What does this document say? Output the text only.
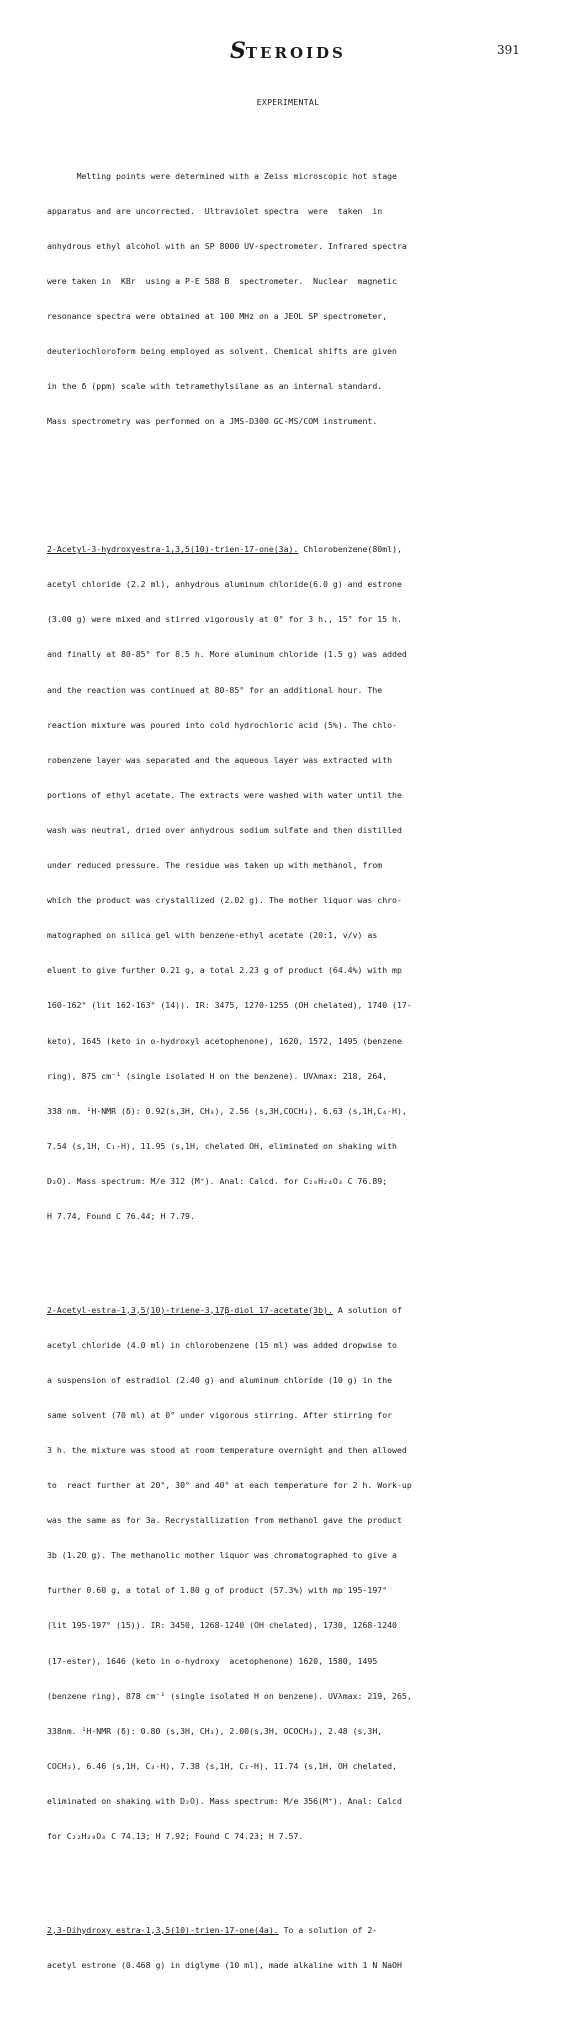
STEROIDS	391
EXPERIMENTAL

Melting points were determined with a Zeiss microscopic hot stage

apparatus and are uncorrected.  Ultraviolet spectra  were  taken  in

anhydrous ethyl alcohol with an SP 8000 UV-spectrometer. Infrared spectra

were taken in  KBr  using a P-E 588 B  spectrometer.  Nuclear  magnetic

resonance spectra were obtained at 100 MHz on a JEOL SP spectrometer,

deuteriochloroform being employed as solvent. Chemical shifts are given

in the δ (ppm) scale with tetramethylsilane as an internal standard.

Mass spectrometry was performed on a JMS-D300 GC-MS/COM instrument.

2-Acetyl-3-hydroxyestra-1,3,5(10)-trien-17-one(3a). Chlorobenzene(80ml),

acetyl chloride (2.2 ml), anhydrous aluminum chloride(6.0 g) and estrone

(3.00 g) were mixed and stirred vigorously at 0° for 3 h., 15° for 15 h.

and finally at 80-85° for 8.5 h. More aluminum chloride (1.5 g) was added

and the reaction was continued at 80-85° for an additional hour. The

reaction mixture was poured into cold hydrochloric acid (5%). The chlo-

robenzene layer was separated and the aqueous layer was extracted with

portions of ethyl acetate. The extracts were washed with water until the

wash was neutral, dried over anhydrous sodium sulfate and then distilled

under reduced pressure. The residue was taken up with methanol, from

which the product was crystallized (2.02 g). The mother liquor was chro-

matographed on silica gel with benzene-ethyl acetate (20:1, v/v) as

eluent to give further 0.21 g, a total 2.23 g of product (64.4%) with mp

160-162° (lit 162-163° (14)). IR: 3475, 1270-1255 (OH chelated), 1740 (17-

keto), 1645 (keto in o-hydroxyl acetophenone), 1620, 1572, 1495 (benzene

ring), 875 cm⁻¹ (single isolated H on the benzene). UVλmax: 218, 264,

338 nm. ¹H-NMR (δ): 0.92(s,3H, CH₃), 2.56 (s,3H,COCH₃), 6.63 (s,1H,C₄-H),

7.54 (s,1H, C₁-H), 11.95 (s,1H, chelated OH, eliminated on shaking with

D₂O). Mass spectrum: M/e 312 (M⁺). Anal: Calcd. for C₂₀H₂₄O₃ C 76.89;

H 7.74, Found C 76.44; H 7.79.

2-Acetyl-estra-1,3,5(10)-triene-3,17β-diol 17-acetate(3b). A solution of

acetyl chloride (4.0 ml) in chlorobenzene (15 ml) was added dropwise to

a suspension of estradiol (2.40 g) and aluminum chloride (10 g) in the

same solvent (70 ml) at 0° under vigorous stirring. After stirring for

3 h. the mixture was stood at room temperature overnight and then allowed

to  react further at 20°, 30° and 40° at each temperature for 2 h. Work-up

was the same as for 3a. Recrystallization from methanol gave the product

3b (1.20 g). The methanolic mother liquor was chromatographed to give a

further 0.60 g, a total of 1.80 g of product (57.3%) with mp 195-197°

(lit 195-197° (15)). IR: 3450, 1268-1240 (OH chelated), 1730, 1268-1240

(17-ester), 1646 (keto in o-hydroxy  acetophenone) 1620, 1580, 1495

(benzene ring), 878 cm⁻¹ (single isolated H on benzene). UVλmax: 219, 265,

338nm. ¹H-NMR (δ): 0.80 (s,3H, CH₃), 2.00(s,3H, OCOCH₃), 2.48 (s,3H,

COCH₃), 6.46 (s,1H, C₄-H), 7.38 (s,1H, C₁-H), 11.74 (s,1H, OH chelated,

eliminated on shaking with D₂O). Mass spectrum: M/e 356(M⁺). Anal: Calcd

for C₂₂H₂₈O₄ C 74.13; H 7.92; Found C 74.23; H 7.57.

2,3-Dihydroxy estra-1,3,5(10)-trien-17-one(4a). To a solution of 2-

acetyl estrone (0.468 g) in diglyme (10 ml), made alkaline with 1 N NaOH
